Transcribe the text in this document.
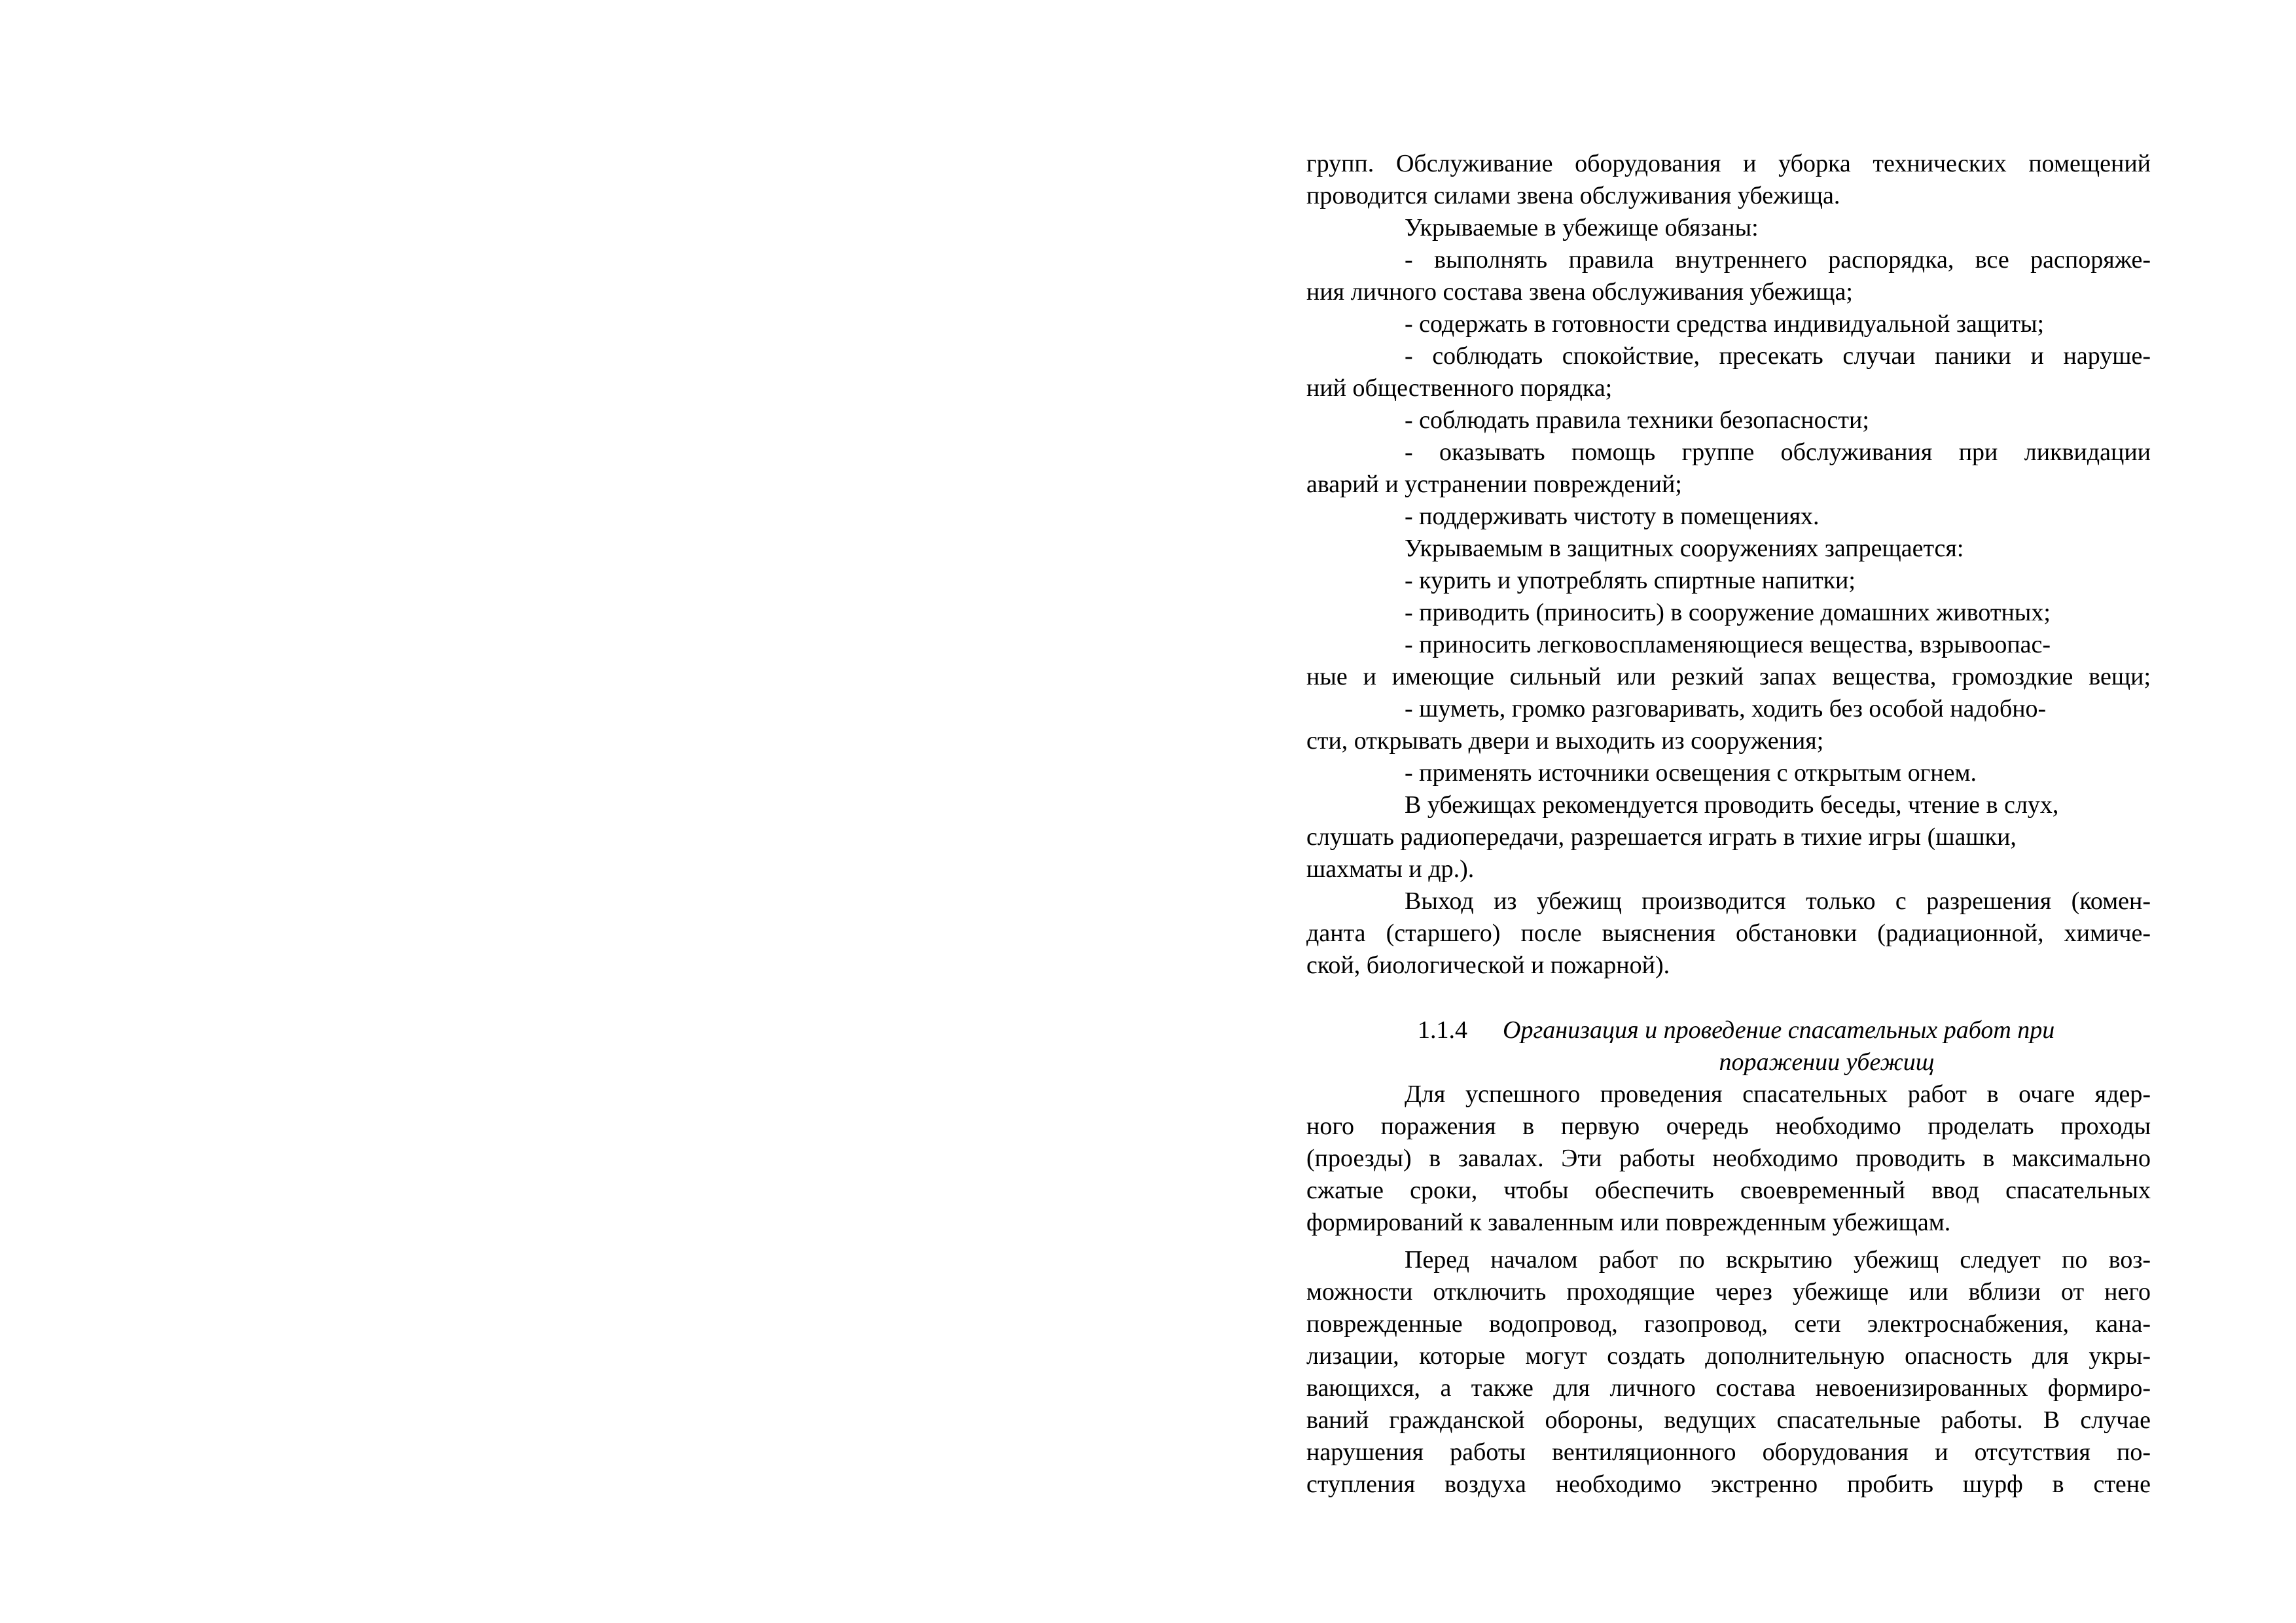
групп. Обслуживание оборудования и уборка технических помещений
проводится силами звена обслуживания убежища.
Укрываемые в убежище обязаны:
- выполнять правила внутреннего распорядка, все распоряже-
ния личного состава звена обслуживания убежища;
- содержать в готовности средства индивидуальной защиты;
- соблюдать спокойствие, пресекать случаи паники и наруше-
ний общественного порядка;
- соблюдать правила техники безопасности;
- оказывать помощь группе обслуживания при ликвидации
аварий и устранении повреждений;
- поддерживать чистоту в помещениях.
Укрываемым в защитных сооружениях запрещается:
- курить и употреблять спиртные напитки;
- приводить (приносить) в сооружение домашних животных;
- приносить легковоспламеняющиеся вещества, взрывоопас-
ные и имеющие сильный или резкий запах вещества, громоздкие вещи;
- шуметь, громко разговаривать, ходить без особой надобно-
сти, открывать двери и выходить из сооружения;
- применять источники освещения с открытым огнем.
В убежищах рекомендуется проводить беседы, чтение в слух,
слушать радиопередачи, разрешается играть в тихие игры (шашки,
шахматы и др.).
Выход из убежищ производится только с разрешения (комен-
данта (старшего) после выяснения обстановки (радиационной, химиче-
ской, биологической и пожарной).
1.1.4 Организация и проведение спасательных работ при
поражении убежищ
Для успешного проведения спасательных работ в очаге ядер-
ного поражения в первую очередь необходимо проделать проходы
(проезды) в завалах. Эти работы необходимо проводить в максимально
сжатые сроки, чтобы обеспечить своевременный ввод спасательных
формирований к заваленным или поврежденным убежищам.
Перед началом работ по вскрытию убежищ следует по воз-
можности отключить проходящие через убежище или вблизи от него
поврежденные водопровод, газопровод, сети электроснабжения, кана-
лизации, которые могут создать дополнительную опасность для укры-
вающихся, а также для личного состава невоенизированных формиро-
ваний гражданской обороны, ведущих спасательные работы. В случае
нарушения работы вентиляционного оборудования и отсутствия по-
ступления воздуха необходимо экстренно пробить шурф в стене
